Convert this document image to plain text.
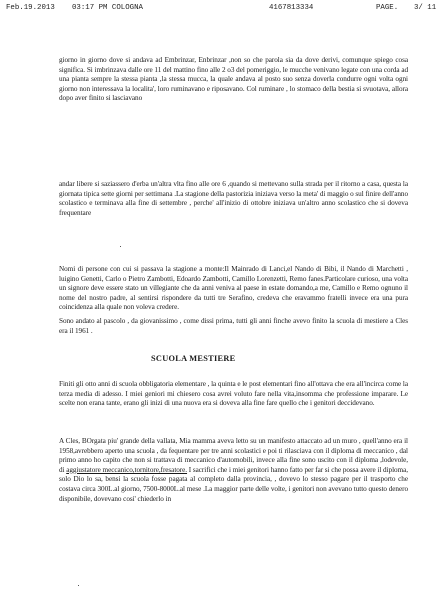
Feb.19.2013 03:17 PM COLOGNA	4167813334	PAGE. 3/ 11

giorno in giorno dove si andava ad Embrinzar, Enbrinzar ,non so che parola sia da dove derivi, comunque spiego cosa significa. Si imbrinzava dalle ore 11 del mattino fino alle 2 o3 del pomeriggio, le mucche venivano legate con una corda ad una pianta sempre la stessa pianta ,la stessa mucca, la quale andava al posto suo senza doverla condurre ogni volta ogni giorno non interessava la localita', loro ruminavano e riposavano. Col ruminare , lo stomaco della bestia si svuotava, allora dopo aver finito si lasciavano

andar libere si saziassero d'erba un'altra vlta fino alle ore 6 ,quando si mettevano sulla strada per il ritorno a casa, questa la giornata tipica sette giorni per settimana .La stagione della pastorizia iniziava verso la meta' di maggio o sul finire dell'anno scolastico e terminava alla fine di settembre , perche' all'inizio di ottobre iniziava un'altro anno scolastico che si doveva frequentare

Nomi di persone con cui si passava la stagione a monte:Il Mainrado di Lanci,el Nando di Bibi, il Nando di Marchetti , luigino Genetti, Carlo o Pietro Zambotti, Edoardo Zambotti, Camillo Lorenzetti, Remo fanes.Particolare curioso, una volta un signore deve essere stato un villegiante che da anni veniva al paese in estate domando,a me, Camillo e Remo ognuno il nome del nostro padre, al sentirsi rispondere da tutti tre Serafino, credeva che eravammo fratelli invece era una pura coincidenza alla quale non voleva credere.

Sono andato al pascolo , da giovanissimo , come dissi prima, tutti gli anni finche avevo finito la scuola di mestiere a Cles era il 1961 .

SCUOLA MESTIERE

Finiti gli otto anni di scuola obbligatoria elementare , la quinta e le post elementari fino all'ottava che era all'incirca come la terza media di adesso. I miei geniori mi chiesero cosa avrei voluto fare nella vita,insomma che professione imparare. Le scelte non erana tante, erano gli inizi di una nuova era si doveva alla fine fare quello che i genitori deccidevano.

A Cles, BOrgata piu' grande della vallata, Mia mamma aveva letto su un manifesto attaccato ad un muro , quell'anno era il 1958,avrebbero aperto una scuola , da fequentare per tre anni scolastici e poi ti rilasciava con il diploma di meccanico , dal primo anno ho capito che non si trattava di meccanico d'automobili, invece alla fine sono uscito con il diploma ,lodevole, di aggiustatore meccanico,tornitore,fresatore. I sacrifici che i miei genitori hanno fatto per far si che possa avere il diploma, solo Dio lo sa, bensi la scuola fosse pagata al completo dalla provincia, , dovevo lo stesso pagare per il trasporto che costava circa 300L.al giorno, 7500-8000L.al mese .La maggior parte delle volte, i genitori non avevano tutto questo denero disponibile, dovevano cosi' chiederlo in
